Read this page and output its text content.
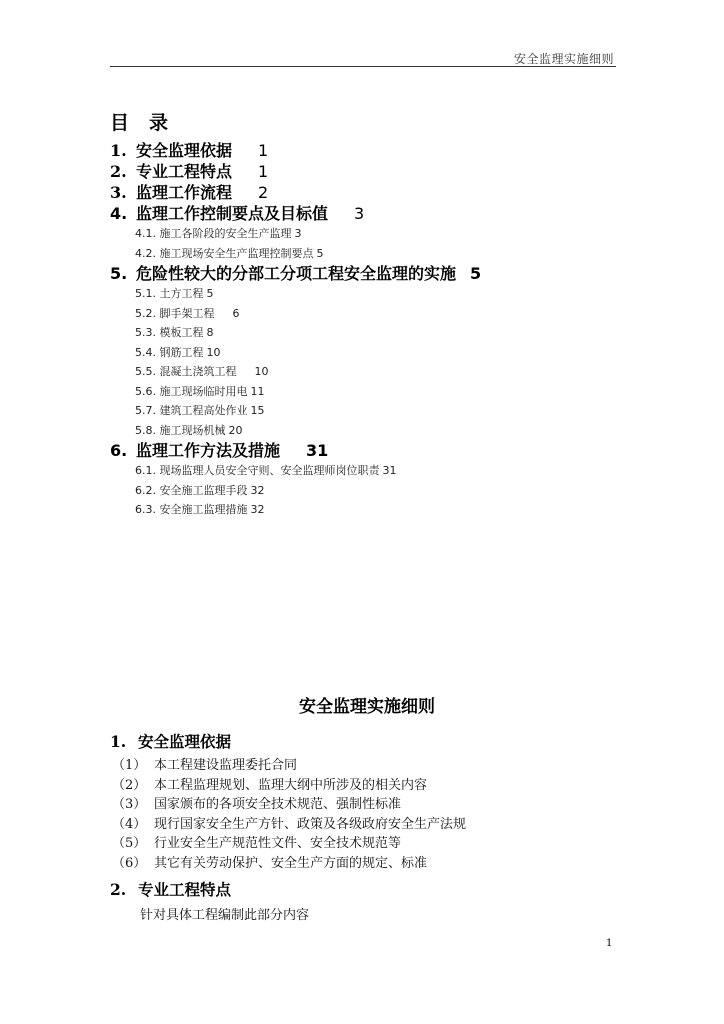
安全监理实施细则
目 录
1. 安全监理依据 1
2. 专业工程特点 1
3. 监理工作流程 2
4. 监理工作控制要点及目标值 3
4.1. 施工各阶段的安全生产监理 3
4.2. 施工现场安全生产监理控制要点 5
5. 危险性较大的分部工分项工程安全监理的实施 5
5.1. 土方工程 5
5.2. 脚手架工程 6
5.3. 模板工程 8
5.4. 钢筋工程 10
5.5. 混凝土浇筑工程 10
5.6. 施工现场临时用电 11
5.7. 建筑工程高处作业 15
5.8. 施工现场机械 20
6. 监理工作方法及措施 31
6.1. 现场监理人员安全守则、安全监理师岗位职责 31
6.2. 安全施工监理手段 32
6.3. 安全施工监理措施 32
安全监理实施细则
1. 安全监理依据
（1） 本工程建设监理委托合同
（2） 本工程监理规划、监理大纲中所涉及的相关内容
（3） 国家颁布的各项安全技术规范、强制性标准
（4） 现行国家安全生产方针、政策及各级政府安全生产法规
（5） 行业安全生产规范性文件、安全技术规范等
（6） 其它有关劳动保护、安全生产方面的规定、标准
2. 专业工程特点
针对具体工程编制此部分内容
1
